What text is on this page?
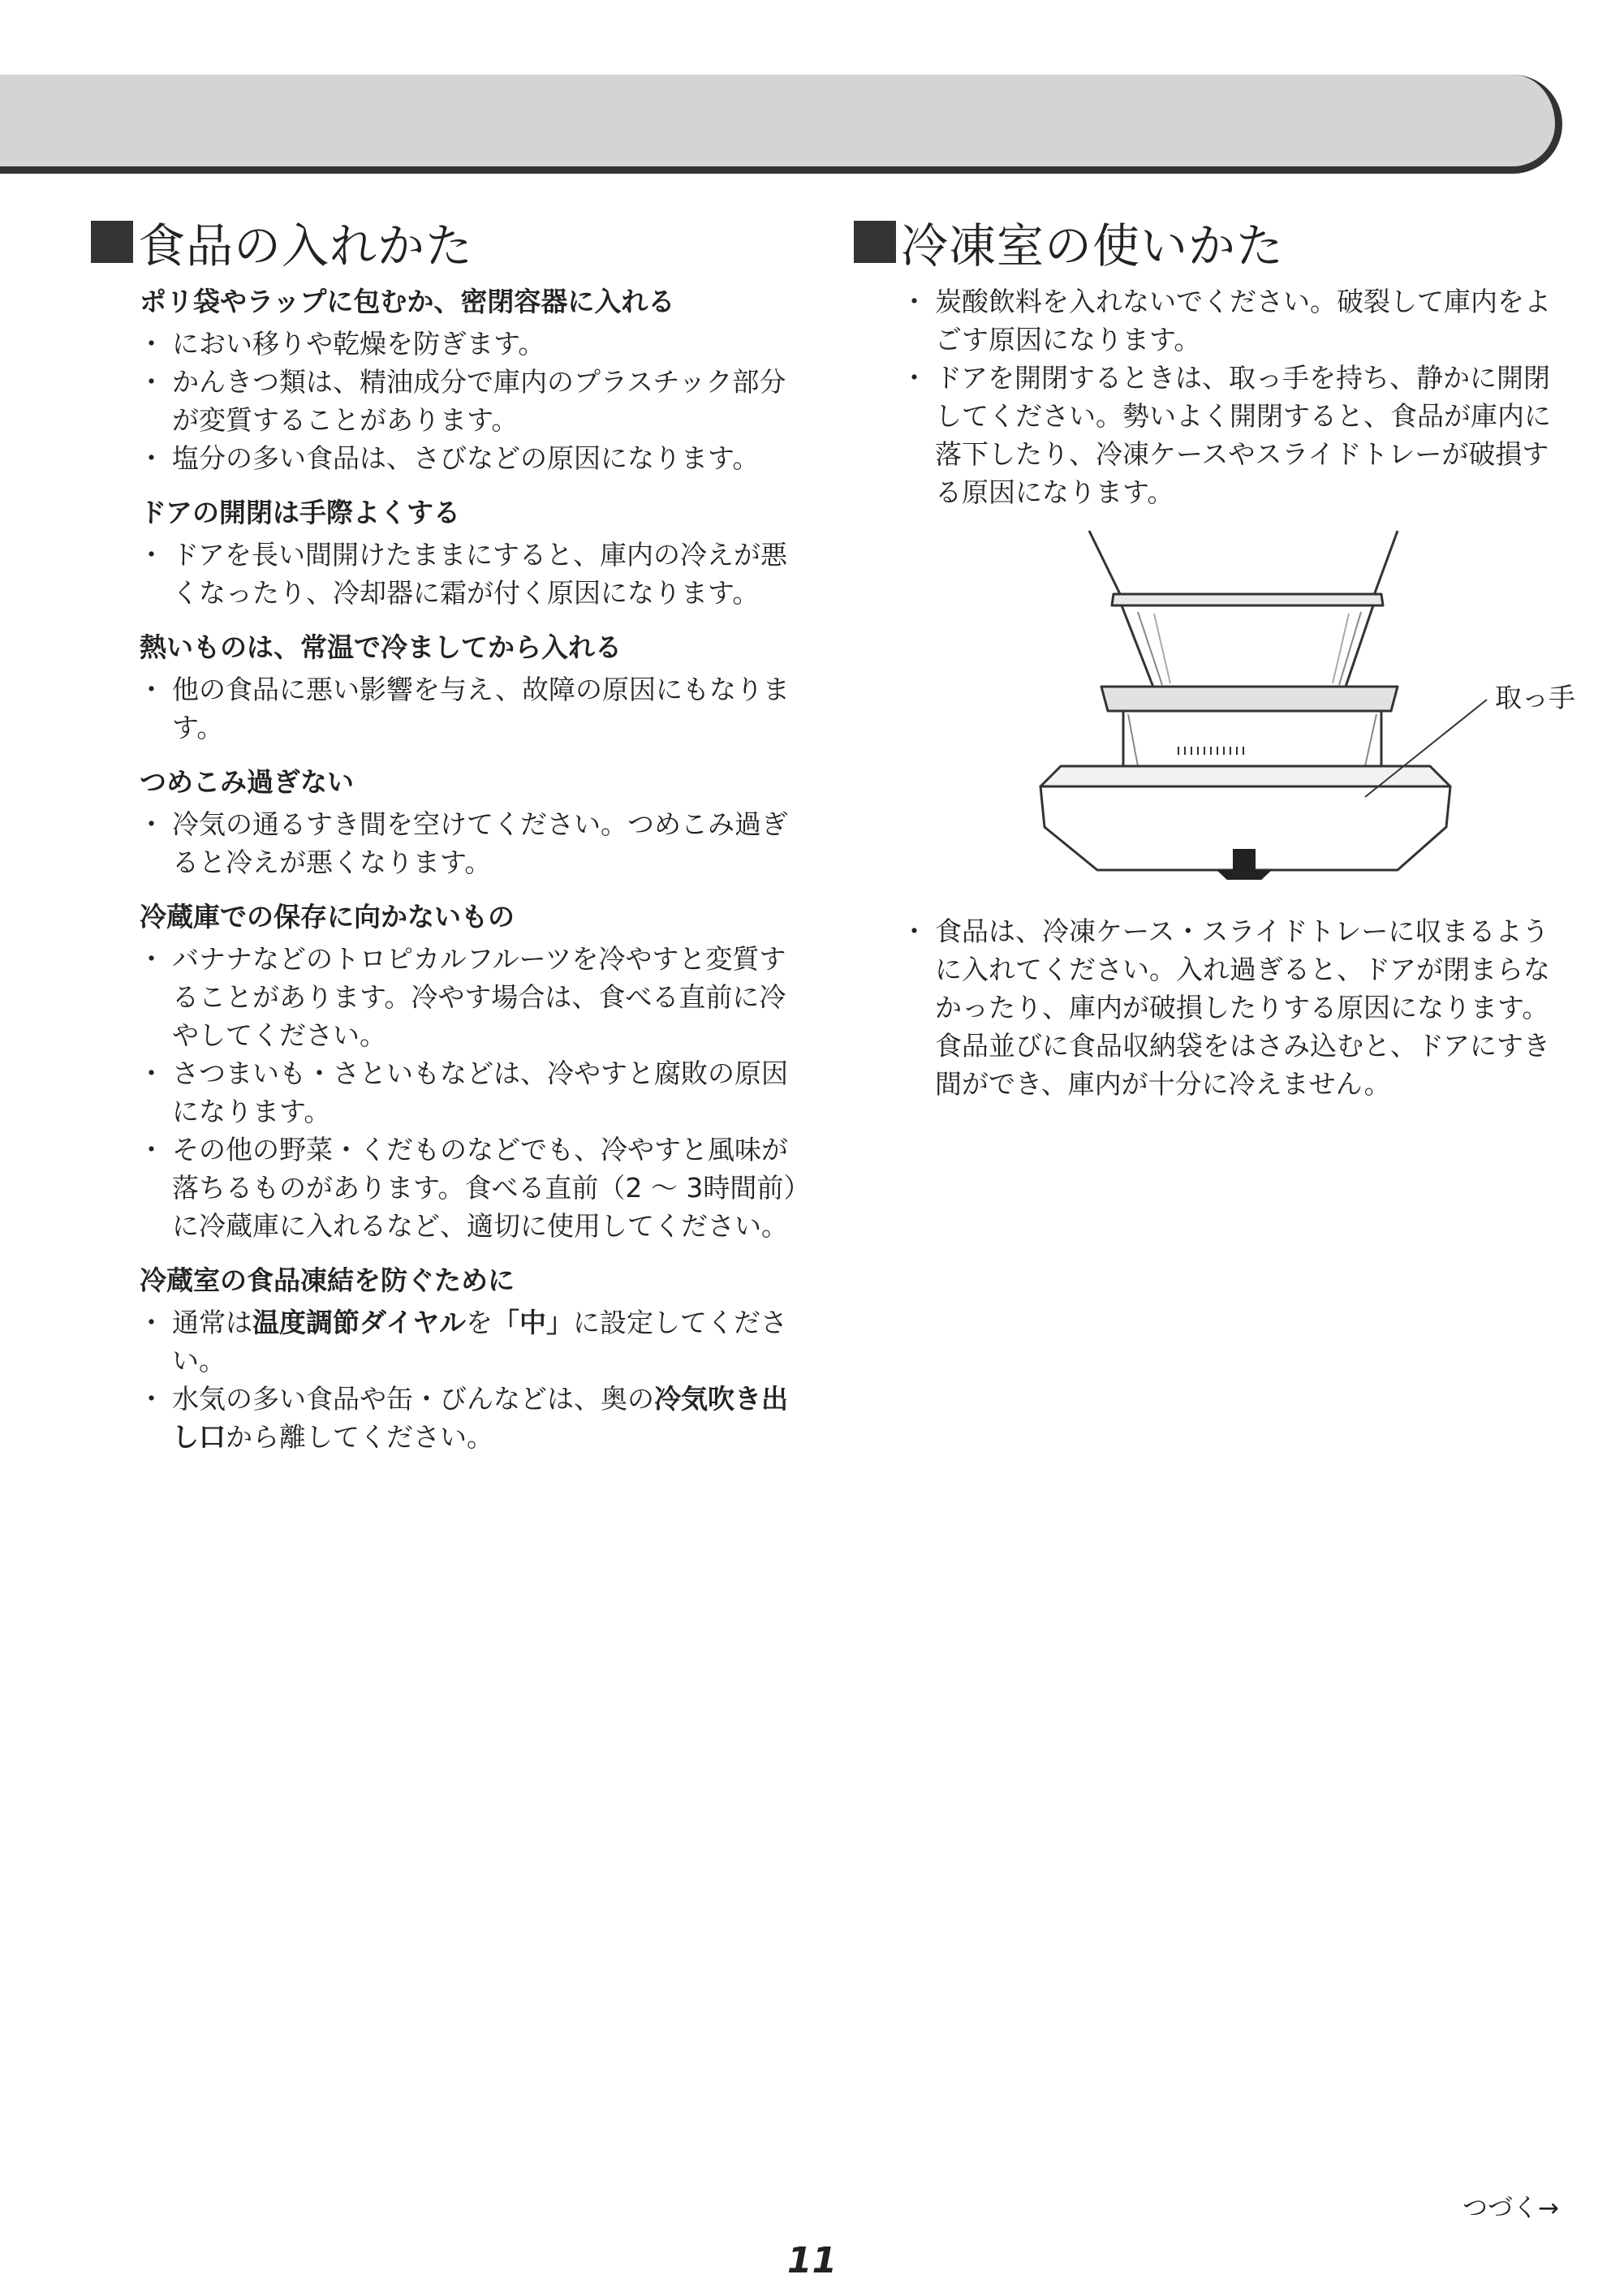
食品の入れかた
ポリ袋やラップに包むか、密閉容器に入れる
・ におい移りや乾燥を防ぎます。
・ かんきつ類は、精油成分で庫内のプラスチック部分が変質することがあります。
・ 塩分の多い食品は、さびなどの原因になります。
ドアの開閉は手際よくする
・ ドアを長い間開けたままにすると、庫内の冷えが悪くなったり、冷却器に霜が付く原因になります。
熱いものは、常温で冷ましてから入れる
・ 他の食品に悪い影響を与え、故障の原因にもなります。
つめこみ過ぎない
・ 冷気の通るすき間を空けてください。つめこみ過ぎると冷えが悪くなります。
冷蔵庫での保存に向かないもの
・ バナナなどのトロピカルフルーツを冷やすと変質することがあります。冷やす場合は、食べる直前に冷やしてください。
・ さつまいも・さといもなどは、冷やすと腐敗の原因になります。
・ その他の野菜・くだものなどでも、冷やすと風味が落ちるものがあります。食べる直前（2 ～ 3時間前）に冷蔵庫に入れるなど、適切に使用してください。
冷蔵室の食品凍結を防ぐために
・ 通常は温度調節ダイヤルを「中」に設定してください。
・ 水気の多い食品や缶・びんなどは、奥の冷気吹き出し口から離してください。
冷凍室の使いかた
・ 炭酸飲料を入れないでください。破裂して庫内をよごす原因になります。
・ ドアを開閉するときは、取っ手を持ち、静かに開閉してください。勢いよく開閉すると、食品が庫内に落下したり、冷凍ケースやスライドトレーが破損する原因になります。
取っ手
・ 食品は、冷凍ケース・スライドトレーに収まるように入れてください。入れ過ぎると、ドアが閉まらなかったり、庫内が破損したりする原因になります。
食品並びに食品収納袋をはさみ込むと、ドアにすき間ができ、庫内が十分に冷えません。
つづく→
11
